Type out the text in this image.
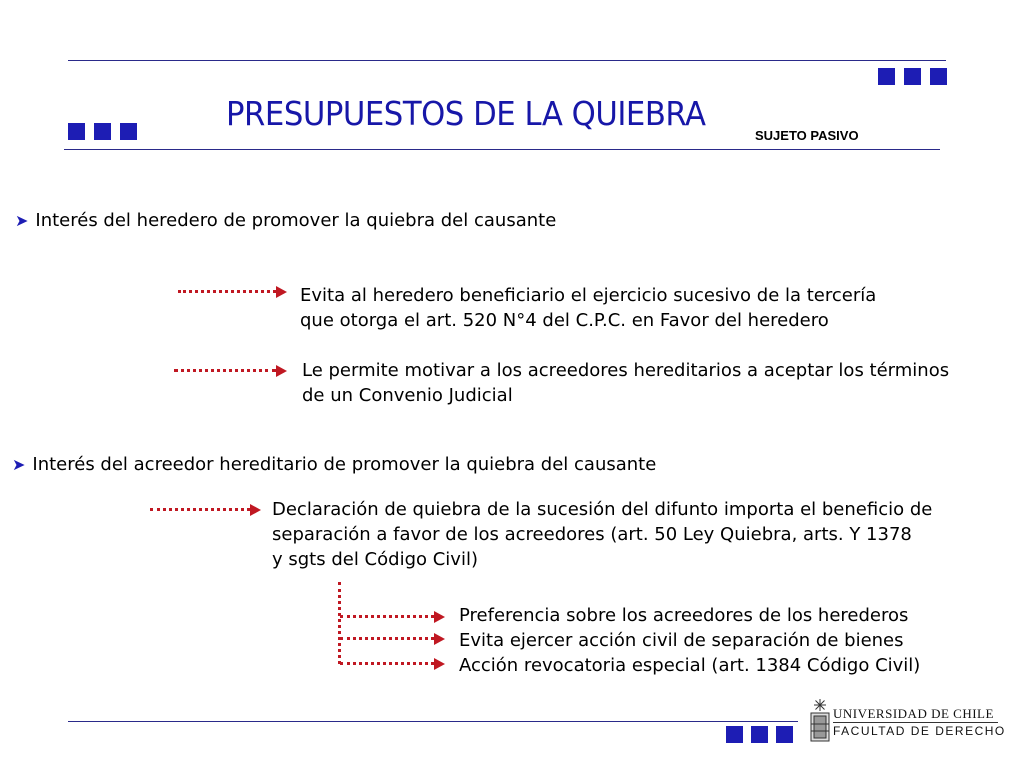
PRESUPUESTOS DE LA QUIEBRA
SUJETO PASIVO
➤ Interés del heredero de promover la quiebra del causante
Evita al heredero beneficiario el ejercicio sucesivo de la tercería
que otorga el art. 520 N°4 del C.P.C. en Favor del heredero
Le permite motivar a los acreedores hereditarios a aceptar los términos
de un Convenio Judicial
➤ Interés del acreedor hereditario de promover la quiebra del causante
Declaración de quiebra de la sucesión del difunto importa el beneficio de
separación a favor de los acreedores (art. 50 Ley Quiebra, arts. Y 1378
y sgts del Código Civil)
Preferencia sobre los acreedores de los herederos
Evita ejercer acción civil de separación de bienes
Acción revocatoria especial (art. 1384 Código Civil)
UNIVERSIDAD DE CHILE
FACULTAD DE DERECHO
